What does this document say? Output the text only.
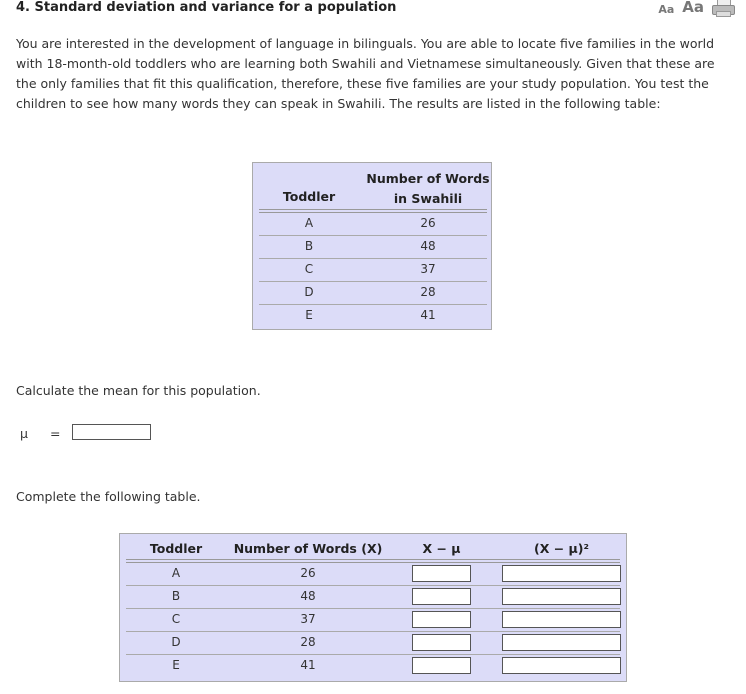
4. Standard deviation and variance for a population	Aa Aa
You are interested in the development of language in bilinguals. You are able to locate five families in the world with 18-month-old toddlers who are learning both Swahili and Vietnamese simultaneously. Given that these are the only families that fit this qualification, therefore, these five families are your study population. You test the children to see how many words they can speak in Swahili. The results are listed in the following table:
Toddler
Number of Words
in Swahili
A	26
B	48
C	37
D	28
E	41
Calculate the mean for this population.
μ =
Complete the following table.
Toddler	Number of Words (X)	X − μ	(X − μ)²
A	26
B	48
C	37
D	28
E	41
